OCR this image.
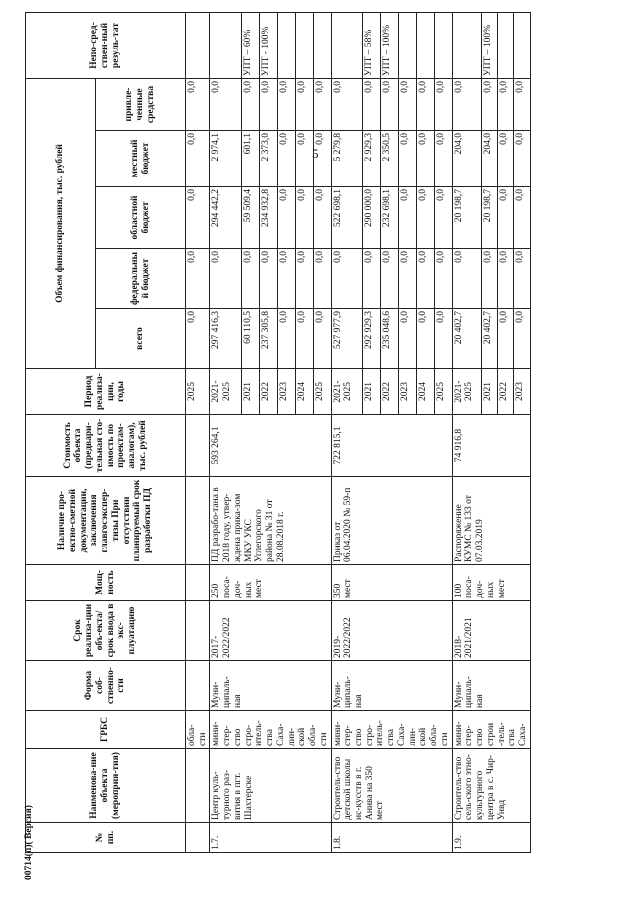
5
№ пп.	Наименова-ние объекта (мероприя-тия)	ГРБС	Форма соб-ственно-сти	Срок реализа-ции объ-екта/срок ввода в экс-плуатацию	Мощ-ность	Наличие про-ектно-сметной документации, заключения главгосэкспер-тизы При отсутствии планируемый срок разработки ПД	Стоимость объекта (предвари-тельная сто-имость по проектам-аналогам), тыс. рублей	Период реализа-ции, годы	Объем финансирования, тыс. рублей					Непо-сред-ствен-ный резуль-тат
									всего	федеральный бюджет	областной бюджет	местный бюджет	привле-ченные средства	
		обла-сти						2025	0,0	0,0	0,0	0,0	0,0	
1.7.	Центр куль-турного раз-вития в пгт. Шахтерске	мини-стер-ство стро-итель-ства Саха-лин-ской обла-сти	Муни-ципаль-ная	2017-2022/2022	250 поса-доч-ных мест	ПД разрабо-тана в 2018 году, утвер-ждена прика-зом МКУ УКС Углегорского района № 31 от 28.08.2018 г.	593 264,1	2021-2025	297 416,3	0,0	294 442,2	2 974,1	0,0	
								2021	60 110,5	0,0	59 509,4	601,1	0,0	УПТ – 60%
								2022	237 305,8	0,0	234 932,8	2 373,0	0,0	УПТ - 100%
								2023	0,0	0,0	0,0	0,0	0,0	
								2024	0,0	0,0	0,0	0,0	0,0	
								2025	0,0	0,0	0,0	0,0	0,0	
1.8.	Строитель-ство детской школы ис-кусств в г. Анива на 350 мест	мини-стер-ство стро-итель-ства Саха-лин-ской обла-сти	Муни-ципаль-ная	2019-2022/2022	350 мест	Приказ от 06.04.2020 № 59-п	722 815,1	2021-2025	527 977,9	0,0	522 698,1	5 279,8	0,0	
								2021	292 929,3	0,0	290 000,0	2 929,3	0,0	УПТ – 58%
								2022	235 048,6	0,0	232 698,1	2 350,5	0,0	УПТ – 100%
								2023	0,0	0,0	0,0	0,0	0,0	
								2024	0,0	0,0	0,0	0,0	0,0	
								2025	0,0	0,0	0,0	0,0	0,0	
1.9.	Строитель-ство сель-ского этно-культурного центра в с. Чир-Унвд	мини-стер-ство строи -тель-ства Саха-	Муни-ципаль-ная	2018-2021/2021	100 поса-доч-ных мест	Распоряжение КУМС № 133 от 07.03.2019	74 916,8	2021-2025	20 402,7	0,0	20 198,7	204,0	0,0	
								2021	20 402,7	0,0	20 198,7	204,0	0,0	УПТ – 100%
								2022	0,0	0,0	0,0	0,0	0,0	
								2023	0,0	0,0	0,0	0,0	0,0	
00714(п)( Версия)
